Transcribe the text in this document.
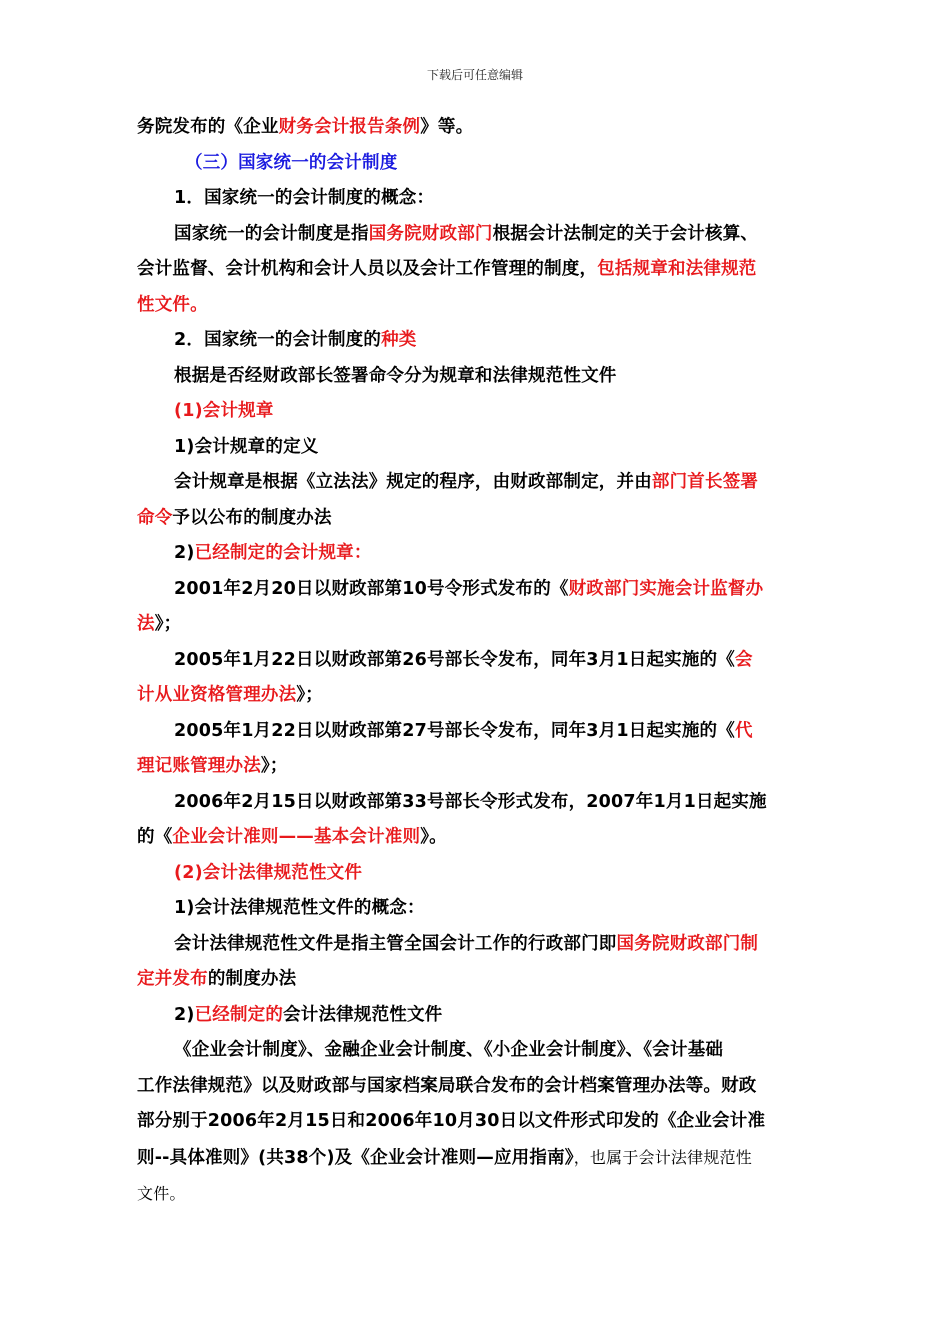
下载后可任意编辑

务院发布的《企业财务会计报告条例》等。

（三）国家统一的会计制度

1．国家统一的会计制度的概念：

国家统一的会计制度是指国务院财政部门根据会计法制定的关于会计核算、

会计监督、会计机构和会计人员以及会计工作管理的制度，包括规章和法律规范

性文件。

2．国家统一的会计制度的种类

根据是否经财政部长签署命令分为规章和法律规范性文件

(1)会计规章

1)会计规章的定义

会计规章是根据《立法法》规定的程序，由财政部制定，并由部门首长签署

命令予以公布的制度办法

2)已经制定的会计规章：

2001年2月20日以财政部第10号令形式发布的《财政部门实施会计监督办

法》；

2005年1月22日以财政部第26号部长令发布，同年3月1日起实施的《会

计从业资格管理办法》；

2005年1月22日以财政部第27号部长令发布，同年3月1日起实施的《代

理记账管理办法》；

2006年2月15日以财政部第33号部长令形式发布，2007年1月1日起实施

的《企业会计准则——基本会计准则》。

(2)会计法律规范性文件

1)会计法律规范性文件的概念：

会计法律规范性文件是指主管全国会计工作的行政部门即国务院财政部门制

定并发布的制度办法

2)已经制定的会计法律规范性文件

《企业会计制度》、金融企业会计制度、《小企业会计制度》、《会计基础

工作法律规范》以及财政部与国家档案局联合发布的会计档案管理办法等。财政

部分别于2006年2月15日和2006年10月30日以文件形式印发的《企业会计准

则--具体准则》(共38个)及《企业会计准则—应用指南》，也属于会计法律规范性

文件。
